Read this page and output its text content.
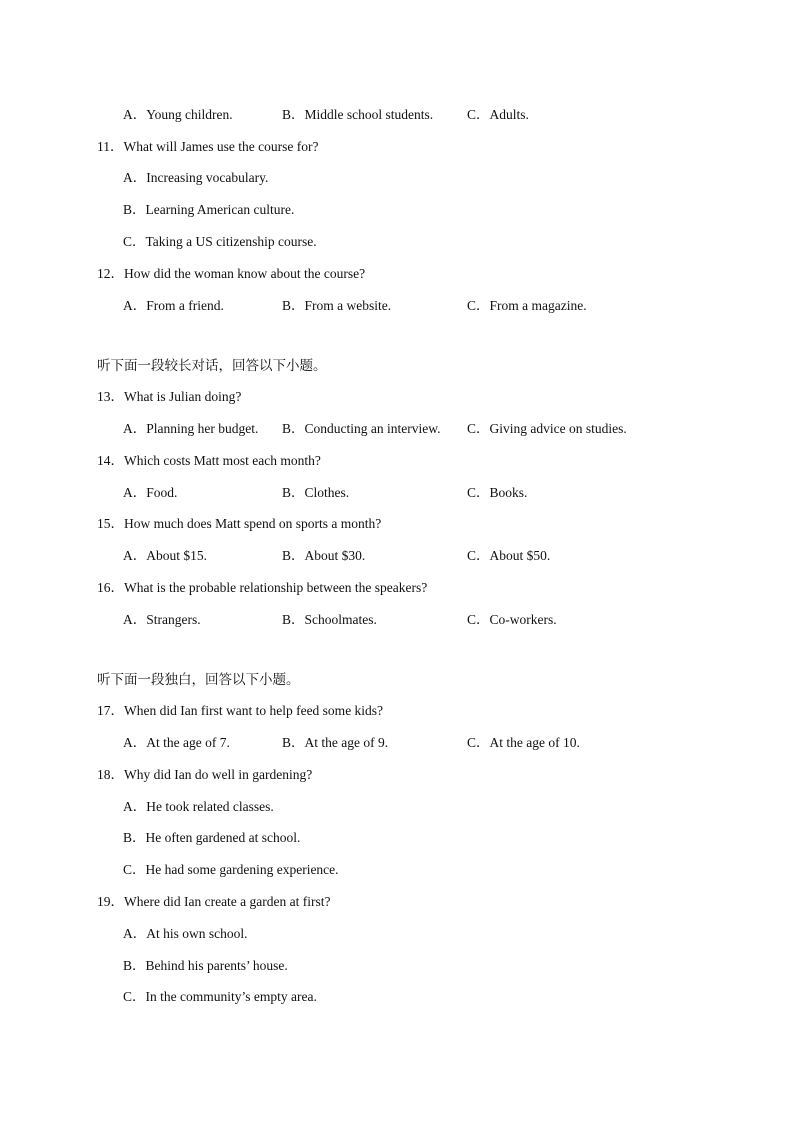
A．Young children.	B．Middle school students.	C．Adults.
11．What will James use the course for?
A．Increasing vocabulary.
B．Learning American culture.
C．Taking a US citizenship course.
12．How did the woman know about the course?
A．From a friend.	B．From a website.	C．From a magazine.
听下面一段较长对话，回答以下小题。
13．What is Julian doing?
A．Planning her budget. B．Conducting an interview. C．Giving advice on studies.
14．Which costs Matt most each month?
A．Food.	B．Clothes.	C．Books.
15．How much does Matt spend on sports a month?
A．About $15.	B．About $30.	C．About $50.
16．What is the probable relationship between the speakers?
A．Strangers.	B．Schoolmates.	C．Co-workers.
听下面一段独白，回答以下小题。
17．When did Ian first want to help feed some kids?
A．At the age of 7.	B．At the age of 9.	C．At the age of 10.
18．Why did Ian do well in gardening?
A．He took related classes.
B．He often gardened at school.
C．He had some gardening experience.
19．Where did Ian create a garden at first?
A．At his own school.
B．Behind his parents’ house.
C．In the community’s empty area.
